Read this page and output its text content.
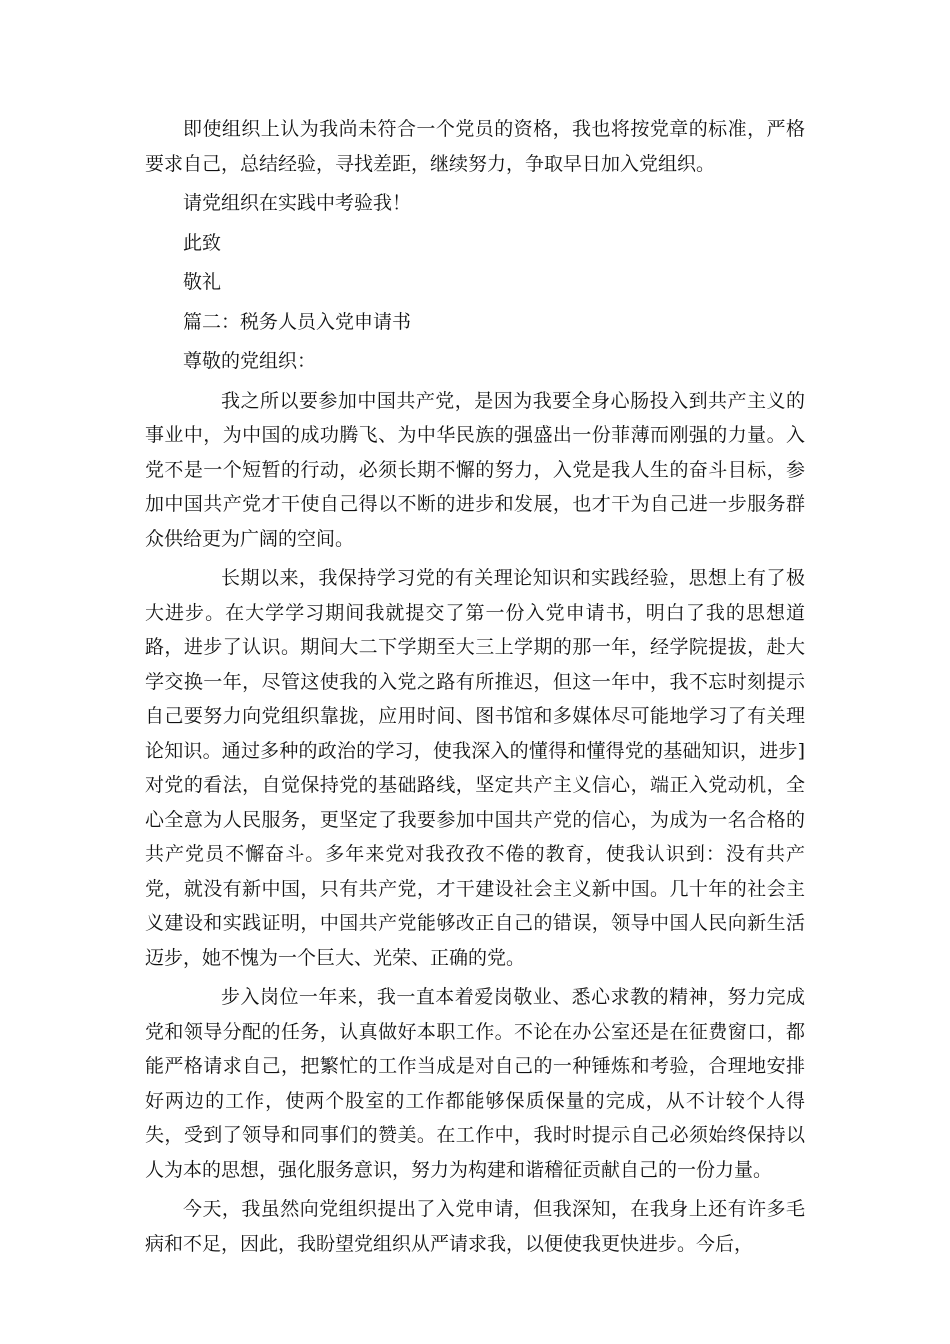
即使组织上认为我尚未符合一个党员的资格，我也将按党章的标准，严格要求自己，总结经验，寻找差距，继续努力，争取早日加入党组织。

请党组织在实践中考验我！

此致

敬礼

篇二：税务人员入党申请书

尊敬的党组织：

我之所以要参加中国共产党，是因为我要全身心肠投入到共产主义的事业中，为中国的成功腾飞、为中华民族的强盛出一份菲薄而刚强的力量。入党不是一个短暂的行动，必须长期不懈的努力，入党是我人生的奋斗目标，参加中国共产党才干使自己得以不断的进步和发展，也才干为自己进一步服务群众供给更为广阔的空间。

长期以来，我保持学习党的有关理论知识和实践经验，思想上有了极大进步。在大学学习期间我就提交了第一份入党申请书，明白了我的思想道路，进步了认识。期间大二下学期至大三上学期的那一年，经学院提拔，赴大学交换一年，尽管这使我的入党之路有所推迟，但这一年中，我不忘时刻提示自己要努力向党组织靠拢，应用时间、图书馆和多媒体尽可能地学习了有关理论知识。通过多种的政治的学习，使我深入的懂得和懂得党的基础知识，进步]对党的看法，自觉保持党的基础路线，坚定共产主义信心，端正入党动机，全心全意为人民服务，更坚定了我要参加中国共产党的信心，为成为一名合格的共产党员不懈奋斗。多年来党对我孜孜不倦的教育，使我认识到：没有共产党，就没有新中国，只有共产党，才干建设社会主义新中国。几十年的社会主义建设和实践证明，中国共产党能够改正自己的错误，领导中国人民向新生活迈步，她不愧为一个巨大、光荣、正确的党。

步入岗位一年来，我一直本着爱岗敬业、悉心求教的精神，努力完成党和领导分配的任务，认真做好本职工作。不论在办公室还是在征费窗口，都能严格请求自己，把繁忙的工作当成是对自己的一种锤炼和考验，合理地安排好两边的工作，使两个股室的工作都能够保质保量的完成，从不计较个人得失，受到了领导和同事们的赞美。在工作中，我时时提示自己必须始终保持以人为本的思想，强化服务意识，努力为构建和谐稽征贡献自己的一份力量。

今天，我虽然向党组织提出了入党申请，但我深知，在我身上还有许多毛病和不足，因此，我盼望党组织从严请求我，以便使我更快进步。今后，
